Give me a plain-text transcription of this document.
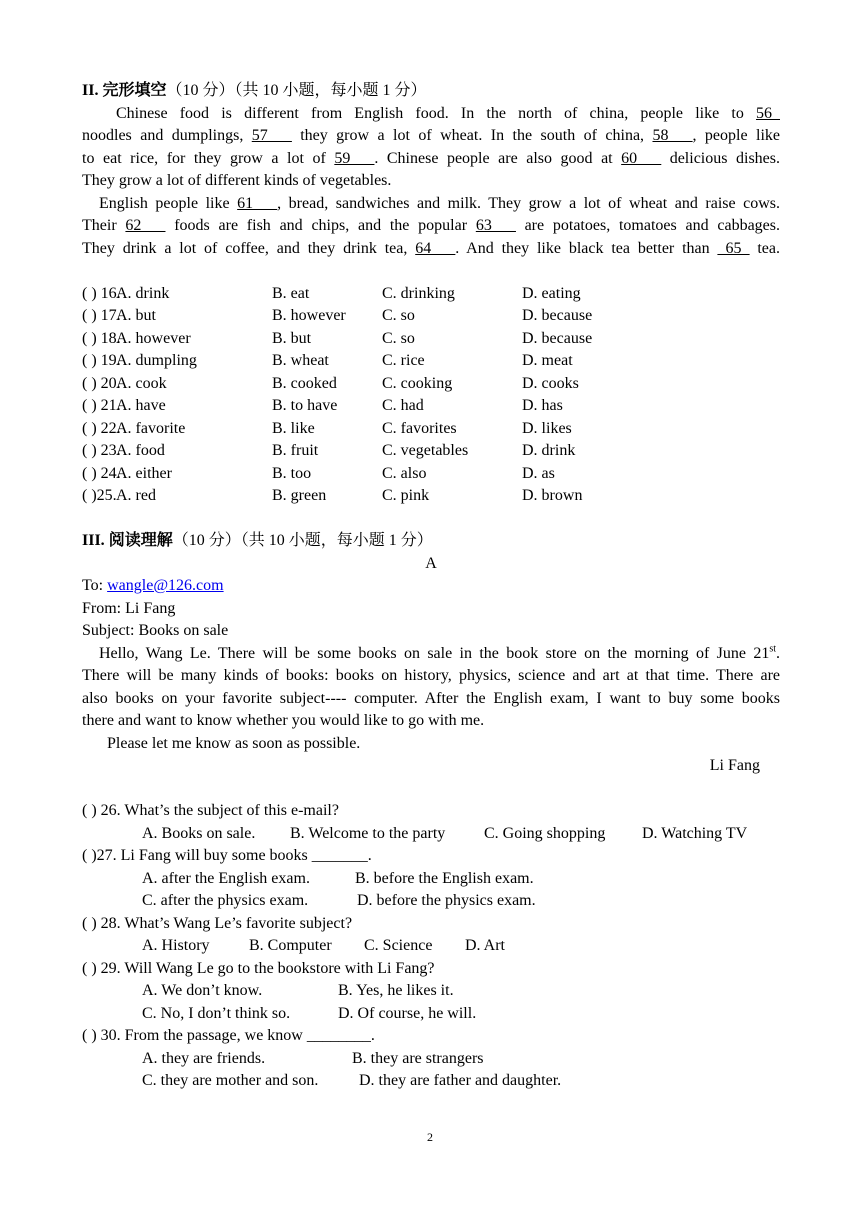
II. 完形填空（10 分）（共 10 小题，每小题 1 分）
Chinese food is different from English food. In the north of china, people like to 56_
noodles and dumplings, 57___ they grow a lot of wheat. In the south of china, 58___, people like
to eat rice, for they grow a lot of 59___. Chinese people are also good at 60___ delicious dishes.
They grow a lot of different kinds of vegetables.
English people like 61___, bread, sandwiches and milk. They grow a lot of wheat and raise cows.
Their 62___ foods are fish and chips, and the popular 63___ are potatoes, tomatoes and cabbages.
They drink a lot of coffee, and they drink tea, 64___. And they like black tea better than _65_ tea.
( ) 16.
A. drink	B. eat	C. drinking	D. eating
( ) 17.
A. but	B. however C. so	D. because
( ) 18.
A. however	B. but	C. so	D. because
( ) 19.
A. dumpling	B. wheat	C. rice	D. meat
( ) 20.
A. cook	B. cooked	C. cooking	D. cooks
( ) 21.
A. have	B. to have	C. had	D. has
( ) 22.
A. favorite	B. like	C. favorites	D. likes
( ) 23.
A. food	B. fruit	C. vegetables	D. drink
( ) 24.
A. either	B. too	C. also	D. as
( )25. A. red	B. green	C. pink	D. brown
III. 阅读理解（10 分）（共 10 小题，每小题 1 分）
A
To: wangle@126.com
From: Li Fang
Subject: Books on sale
Hello, Wang Le. There will be some books on sale in the book store on the morning of June 21st.
There will be many kinds of books: books on history, physics, science and art at that time. There are
also books on your favorite subject---- computer. After the English exam, I want to buy some books
there and want to know whether you would like to go with me.
Please let me know as soon as possible.
Li Fang
( ) 26. What’s the subject of this e-mail?
A. Books on sale. B. Welcome to the party C. Going shopping D. Watching TV
( )27. Li Fang will buy some books _______.
A. after the English exam.	B. before the English exam.
C. after the physics exam.	D. before the physics exam.
( ) 28. What’s Wang Le’s favorite subject?
A. History B. Computer C. Science D. Art
( ) 29. Will Wang Le go to the bookstore with Li Fang?
A. We don’t know.	B. Yes, he likes it.
C. No, I don’t think so.	D. Of course, he will.
( ) 30. From the passage, we know ________.
A. they are friends.	B. they are strangers
C. they are mother and son.	D. they are father and daughter.
2
